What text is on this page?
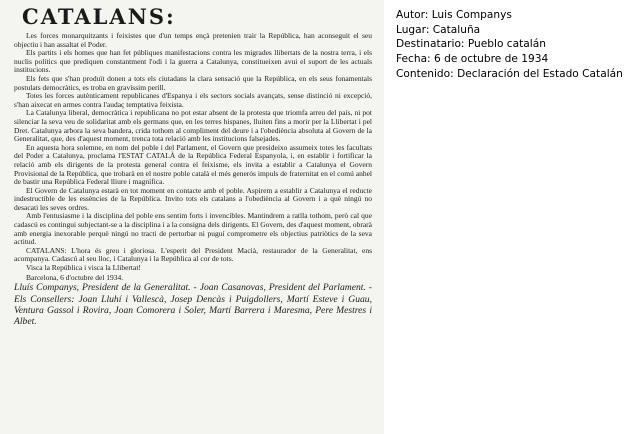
CATALANS:

Les forces monarquitzants i feixistes que d'un temps ençà pretenien trair la República, han aconseguit el seu objectiu i han assaltat el Poder.

Els partits i els homes que han fet públiques manifestacions contra les migrades llibertats de la nostra terra, i els nuclis polítics que prediquen constantment l'odi i la guerra a Catalunya, constitueixen avui el suport de les actuals institucions.

Els fets que s'han produït donen a tots els ciutadans la clara sensació que la República, en els seus fonamentals postulats democràtics, es troba en gravíssim perill.

Totes les forces autènticament republicanes d'Espanya i els sectors socials avançats, sense distinció ni excepció, s'han aixecat en armes contra l'audaç temptativa feixista.

La Catalunya liberal, democràtica i republicana no pot estar absent de la protesta que triomfa arreu del país, ni pot silenciar la seva veu de solidaritat amb els germans que, en les terres hispanes, lluiten fins a morir per la Llibertat i pel Dret. Catalunya arbora la seva bandera, crida tothom al compliment del deure i a l'obediència absoluta al Govern de la Generalitat, que, des d'aquest moment, trenca tota relació amb les institucions falsejades.

En aquesta hora solemne, en nom del poble i del Parlament, el Govern que presideixo assumeix totes les facultats del Poder a Catalunya, proclama l'ESTAT CATALÀ de la República Federal Espanyola, i, en establir i fortificar la relació amb els dirigents de la protesta general contra el feixisme, els invita a establir a Catalunya el Govern Provisional de la República, que trobarà en el nostre poble català el més generós impuls de fraternitat en el comú anhel de bastir una República Federal lliure i magnífica.

El Govern de Catalunya estarà en tot moment en contacte amb el poble. Aspirem a establir a Catalunya el reducte indestructible de les essències de la República. Invito tots els catalans a l'obediència al Govern i a què ningú no desacati les seves ordres.

Amb l'entusiasme i la disciplina del poble ens sentim forts i invencibles. Mantindrem a ratlla tothom, però cal que cadascú es contingui subjectant-se a la disciplina i a la consigna dels dirigents. El Govern, des d'aquest moment, obrarà amb energia inexorable perquè ningú no tracti de pertorbar ni puguí comprometre els objectius patriòtics de la seva actitud.

CATALANS: L'hora és greu i gloriosa. L'esperit del President Macià, restaurador de la Generalitat, ens acompanya. Cadascú al seu lloc, i Catalunya i la República al cor de tots.

Visca la República i visca la Llibertat!

Barcelona, 6 d'octubre del 1934.

Lluís Companys, President de la Generalitat. - Joan Casanovas, President del Parlament. - Els Consellers: Joan Lluhí i Vallescà, Josep Dencàs i Puigdollers, Martí Esteve i Guau, Ventura Gassol i Rovira, Joan Comorera i Soler, Martí Barrera i Maresma, Pere Mestres i Albet.

Autor: Luis Companys
Lugar: Cataluña
Destinatario: Pueblo catalán
Fecha: 6 de octubre de 1934
Contenido: Declaración del Estado Catalán
